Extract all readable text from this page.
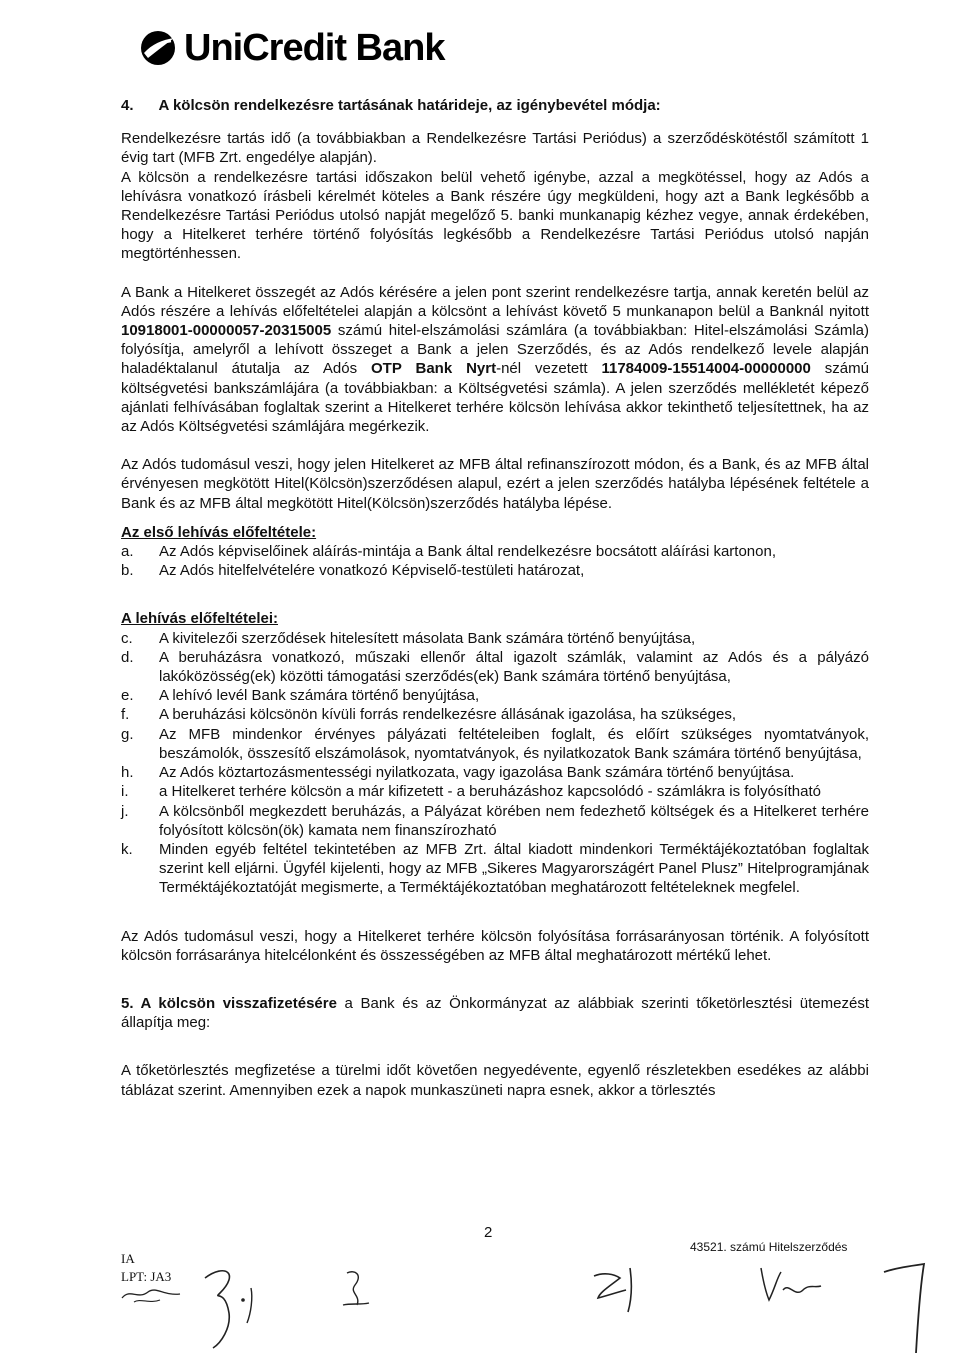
UniCredit Bank

4.      A kölcsön rendelkezésre tartásának határideje, az igénybevétel módja:

Rendelkezésre tartás idő (a továbbiakban a Rendelkezésre Tartási Periódus) a szerződéskötéstől számított 1 évig tart (MFB Zrt. engedélye alapján).

A kölcsön a rendelkezésre tartási időszakon belül vehető igénybe, azzal a megkötéssel, hogy az Adós a lehívásra vonatkozó írásbeli kérelmét köteles a Bank részére úgy megküldeni, hogy azt a Bank legkésőbb a Rendelkezésre Tartási Periódus utolsó napját megelőző 5. banki munkanapig kézhez vegye, annak érdekében, hogy a Hitelkeret terhére történő folyósítás legkésőbb a Rendelkezésre Tartási Periódus utolsó napján megtörténhessen.

A Bank a Hitelkeret összegét az Adós kérésére a jelen pont szerint rendelkezésre tartja, annak keretén belül az Adós részére a lehívás előfeltételei alapján a kölcsönt a lehívást követő 5 munkanapon belül a Banknál nyitott 10918001-00000057-20315005 számú hitel-elszámolási számlára (a továbbiakban: Hitel-elszámolási Számla) folyósítja, amelyről a lehívott összeget a Bank a jelen Szerződés, és az Adós rendelkező levele alapján haladéktalanul átutalja az Adós OTP Bank Nyrt-nél vezetett 11784009-15514004-00000000 számú költségvetési bankszámlájára (a továbbiakban: a Költségvetési számla). A jelen szerződés mellékletét képező ajánlati felhívásában foglaltak szerint a Hitelkeret terhére kölcsön lehívása akkor tekinthető teljesítettnek, ha az az Adós Költségvetési számlájára megérkezik.

Az Adós tudomásul veszi, hogy jelen Hitelkeret az MFB által refinanszírozott módon, és a Bank, és az MFB által érvényesen megkötött Hitel(Kölcsön)szerződésen alapul, ezért a jelen szerződés hatályba lépésének feltétele a Bank és az MFB által megkötött Hitel(Kölcsön)szerződés hatályba lépése.

Az első lehívás előfeltétele:

a.	Az Adós képviselőinek aláírás-mintája a Bank által rendelkezésre bocsátott aláírási kartonon,
b.	Az Adós hitelfelvételére vonatkozó Képviselő-testületi határozat,

A lehívás előfeltételei:

c.	A kivitelezői szerződések hitelesített másolata Bank számára történő benyújtása,
d.	A beruházásra vonatkozó, műszaki ellenőr által igazolt számlák, valamint az Adós és a pályázó lakóközösség(ek) közötti támogatási szerződés(ek) Bank számára történő benyújtása,
e.	A lehívó levél Bank számára történő benyújtása,
f.	A beruházási kölcsönön kívüli forrás rendelkezésre állásának igazolása, ha szükséges,
g.	Az MFB mindenkor érvényes pályázati feltételeiben foglalt, és előírt szükséges nyomtatványok, beszámolók, összesítő elszámolások, nyomtatványok, és nyilatkozatok Bank számára történő benyújtása,
h.	Az Adós köztartozásmentességi nyilatkozata, vagy igazolása Bank számára történő benyújtása.
i.	a Hitelkeret terhére kölcsön a már kifizetett - a beruházáshoz kapcsolódó - számlákra is folyósítható
j.	A kölcsönből megkezdett beruházás, a Pályázat körében nem fedezhető költségek és a Hitelkeret terhére folyósított kölcsön(ök) kamata nem finanszírozható
k.	Minden egyéb feltétel tekintetében az MFB Zrt. által kiadott mindenkori Terméktájékoztatóban foglaltak szerint kell eljárni. Ügyfél kijelenti, hogy az MFB „Sikeres Magyarországért Panel Plusz” Hitelprogramjának Terméktájékoztatóját megismerte, a Terméktájékoztatóban meghatározott feltételeknek megfelel.

Az Adós tudomásul veszi, hogy a Hitelkeret terhére kölcsön folyósítása forrásarányosan történik. A folyósított kölcsön forrásaránya hitelcélonként és összességében az MFB által meghatározott mértékű lehet.

5. A kölcsön visszafizetésére a Bank és az Önkormányzat az alábbiak szerinti tőketörlesztési ütemezést állapítja meg:

A tőketörlesztés megfizetése a türelmi időt követően negyedévente, egyenlő részletekben esedékes az alábbi táblázat szerint. Amennyiben ezek a napok munkaszüneti napra esnek, akkor a törlesztés

2
43521. számú Hitelszerződés
IA
LPT: JA3
